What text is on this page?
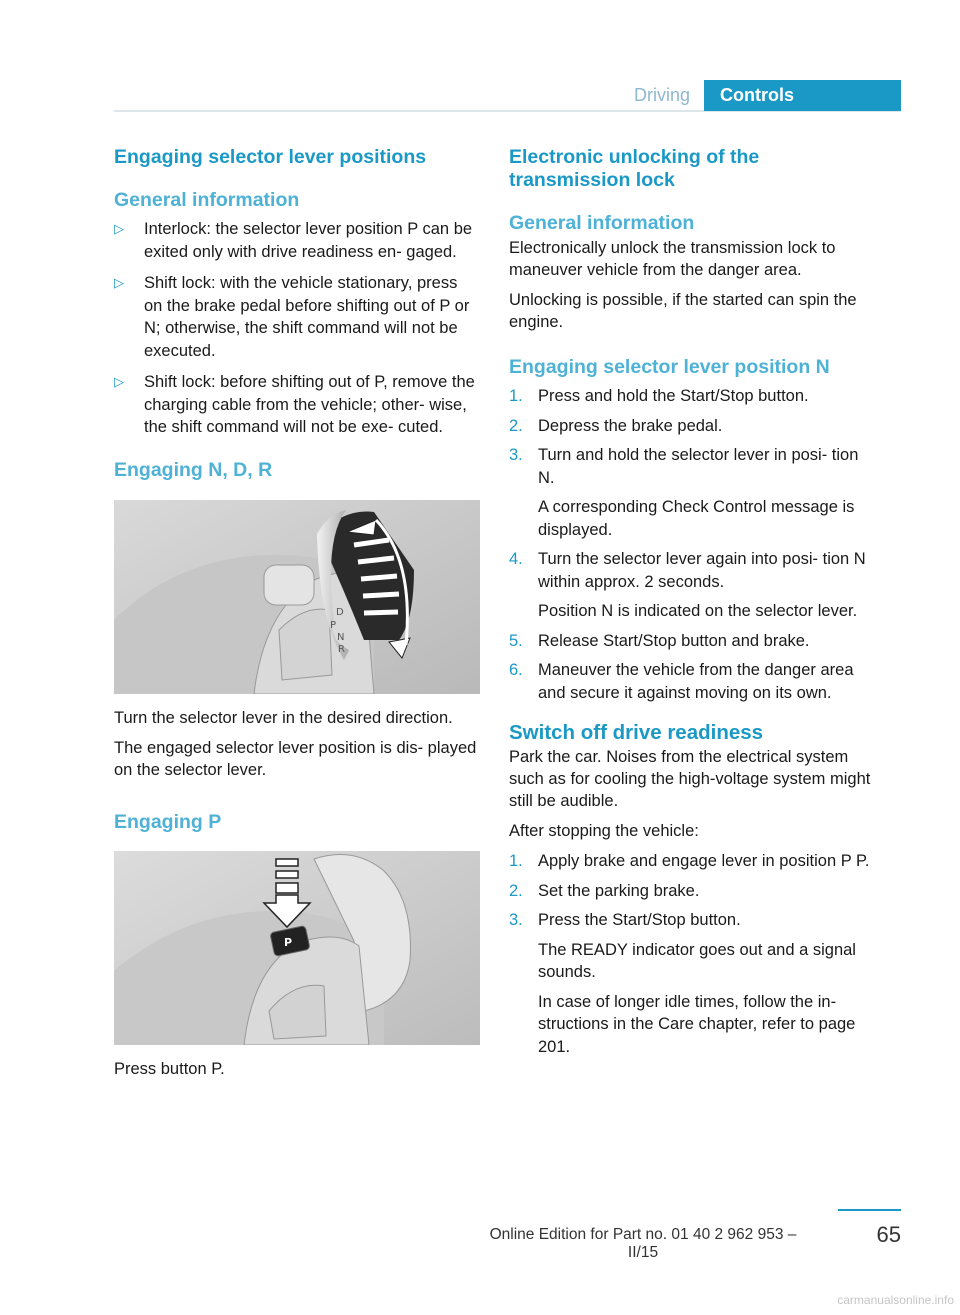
Driving	Controls
Engaging selector lever positions
General information
▷ Interlock: the selector lever position P can be exited only with drive readiness en‐ gaged.
▷ Shift lock: with the vehicle stationary, press on the brake pedal before shifting out of P or N; otherwise, the shift command will not be executed.
▷ Shift lock: before shifting out of P, remove the charging cable from the vehicle; other‐ wise, the shift command will not be exe‐ cuted.
Engaging N, D, R
D
P
N
R

Turn the selector lever in the desired direction.

The engaged selector lever position is dis‐ played on the selector lever.

Engaging P
P

Press button P.

Electronic unlocking of the transmission lock
General information

Electronically unlock the transmission lock to maneuver vehicle from the danger area.

Unlocking is possible, if the started can spin the engine.

Engaging selector lever position N
1. Press and hold the Start/Stop button.
2. Depress the brake pedal.
3. Turn and hold the selector lever in posi‐ tion N.
A corresponding Check Control message is displayed.
4. Turn the selector lever again into posi‐ tion N within approx. 2 seconds.
Position N is indicated on the selector lever.
5. Release Start/Stop button and brake.
6. Maneuver the vehicle from the danger area and secure it against moving on its own.
Switch off drive readiness

Park the car. Noises from the electrical system such as for cooling the high-voltage system might still be audible.

After stopping the vehicle:

1. Apply brake and engage lever in position P P.
2. Set the parking brake.
3. Press the Start/Stop button.
The READY indicator goes out and a signal sounds.
In case of longer idle times, follow the in‐ structions in the Care chapter, refer to page 201.
Online Edition for Part no. 01 40 2 962 953 – II/15
65
carmanualsonline.info
